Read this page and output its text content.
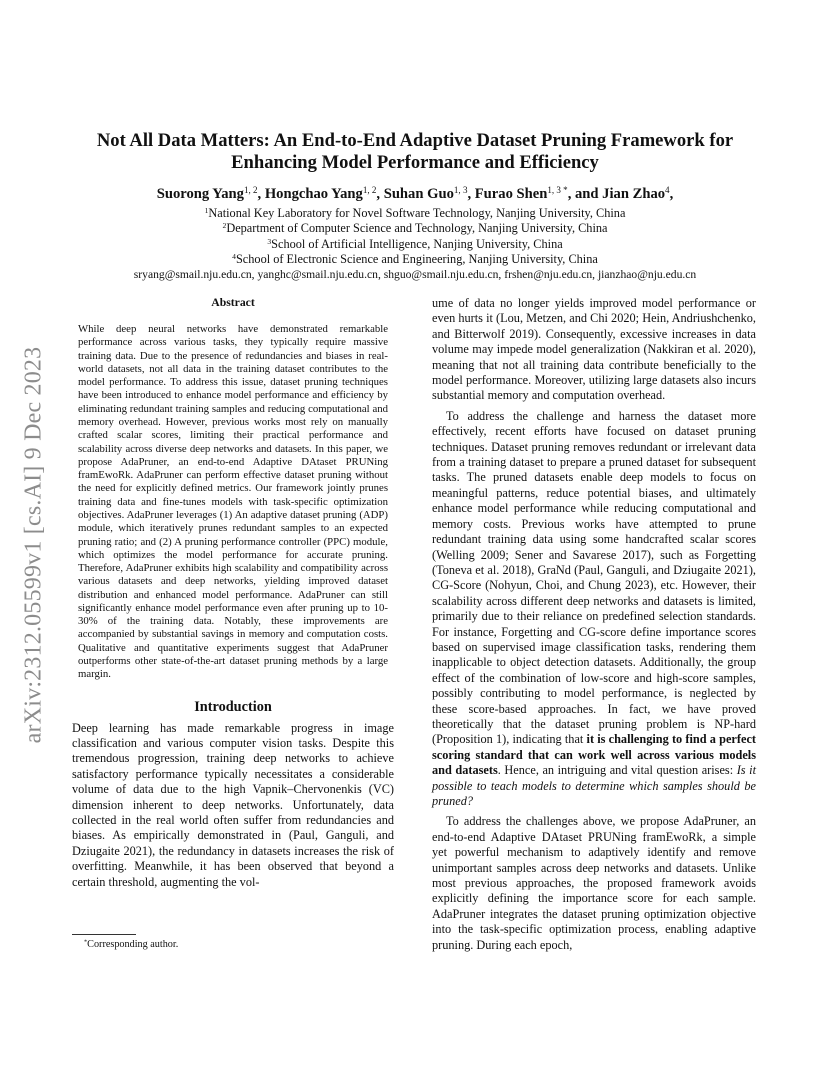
arXiv:2312.05599v1 [cs.AI] 9 Dec 2023
Not All Data Matters: An End-to-End Adaptive Dataset Pruning Framework for
Enhancing Model Performance and Efficiency
Suorong Yang$^{1, 2}$, Hongchao Yang$^{1, 2}$, Suhan Guo$^{1, 3}$, Furao Shen$^{1, 3 *}$, and Jian Zhao$^4$,
$^1$National Key Laboratory for Novel Software Technology, Nanjing University, China
$^2$Department of Computer Science and Technology, Nanjing University, China
$^3$School of Artificial Intelligence, Nanjing University, China
$^4$School of Electronic Science and Engineering, Nanjing University, China
sryang@smail.nju.edu.cn, yanghc@smail.nju.edu.cn, shguo@smail.nju.edu.cn, frshen@nju.edu.cn, jianzhao@nju.edu.cn
Abstract

While deep neural networks have demonstrated remarkable performance across various tasks, they typically require massive training data. Due to the presence of redundancies and biases in real-world datasets, not all data in the training dataset contributes to the model performance. To address this issue, dataset pruning techniques have been introduced to enhance model performance and efficiency by eliminating redundant training samples and reducing computational and memory overhead. However, previous works most rely on manually crafted scalar scores, limiting their practical performance and scalability across diverse deep networks and datasets. In this paper, we propose AdaPruner, an end-to-end Adaptive DAtaset PRUNing framEwoRk. AdaPruner can perform effective dataset pruning without the need for explicitly defined metrics. Our framework jointly prunes training data and fine-tunes models with task-specific optimization objectives. AdaPruner leverages (1) An adaptive dataset pruning (ADP) module, which iteratively prunes redundant samples to an expected pruning ratio; and (2) A pruning performance controller (PPC) module, which optimizes the model performance for accurate pruning. Therefore, AdaPruner exhibits high scalability and compatibility across various datasets and deep networks, yielding improved dataset distribution and enhanced model performance. AdaPruner can still significantly enhance model performance even after pruning up to 10-30% of the training data. Notably, these improvements are accompanied by substantial savings in memory and computation costs. Qualitative and quantitative experiments suggest that AdaPruner outperforms other state-of-the-art dataset pruning methods by a large margin.

Introduction

Deep learning has made remarkable progress in image classification and various computer vision tasks. Despite this tremendous progression, training deep networks to achieve satisfactory performance typically necessitates a considerable volume of data due to the high Vapnik–Chervonenkis (VC) dimension inherent to deep networks. Unfortunately, data collected in the real world often suffer from redundancies and biases. As empirically demonstrated in (Paul, Ganguli, and Dziugaite 2021), the redundancy in datasets increases the risk of overfitting. Meanwhile, it has been observed that beyond a certain threshold, augmenting the vol-

ume of data no longer yields improved model performance or even hurts it (Lou, Metzen, and Chi 2020; Hein, Andriushchenko, and Bitterwolf 2019). Consequently, excessive increases in data volume may impede model generalization (Nakkiran et al. 2020), meaning that not all training data contribute beneficially to the model performance. Moreover, utilizing large datasets also incurs substantial memory and computation overhead.

To address the challenge and harness the dataset more effectively, recent efforts have focused on dataset pruning techniques. Dataset pruning removes redundant or irrelevant data from a training dataset to prepare a pruned dataset for subsequent tasks. The pruned datasets enable deep models to focus on meaningful patterns, reduce potential biases, and ultimately enhance model performance while reducing computational and memory costs. Previous works have attempted to prune redundant training data using some handcrafted scalar scores (Welling 2009; Sener and Savarese 2017), such as Forgetting (Toneva et al. 2018), GraNd (Paul, Ganguli, and Dziugaite 2021), CG-Score (Nohyun, Choi, and Chung 2023), etc. However, their scalability across different deep networks and datasets is limited, primarily due to their reliance on predefined selection standards. For instance, Forgetting and CG-score define importance scores based on supervised image classification tasks, rendering them inapplicable to object detection datasets. Additionally, the group effect of the combination of low-score and high-score samples, possibly contributing to model performance, is neglected by these score-based approaches. In fact, we have proved theoretically that the dataset pruning problem is NP-hard (Proposition 1), indicating that it is challenging to find a perfect scoring standard that can work well across various models and datasets. Hence, an intriguing and vital question arises: Is it possible to teach models to determine which samples should be pruned?

To address the challenges above, we propose AdaPruner, an end-to-end Adaptive DAtaset PRUNing framEwoRk, a simple yet powerful mechanism to adaptively identify and remove unimportant samples across deep networks and datasets. Unlike most previous approaches, the proposed framework avoids explicitly defining the importance score for each sample. AdaPruner integrates the dataset pruning optimization objective into the task-specific optimization process, enabling adaptive pruning. During each epoch,

*Corresponding author.
